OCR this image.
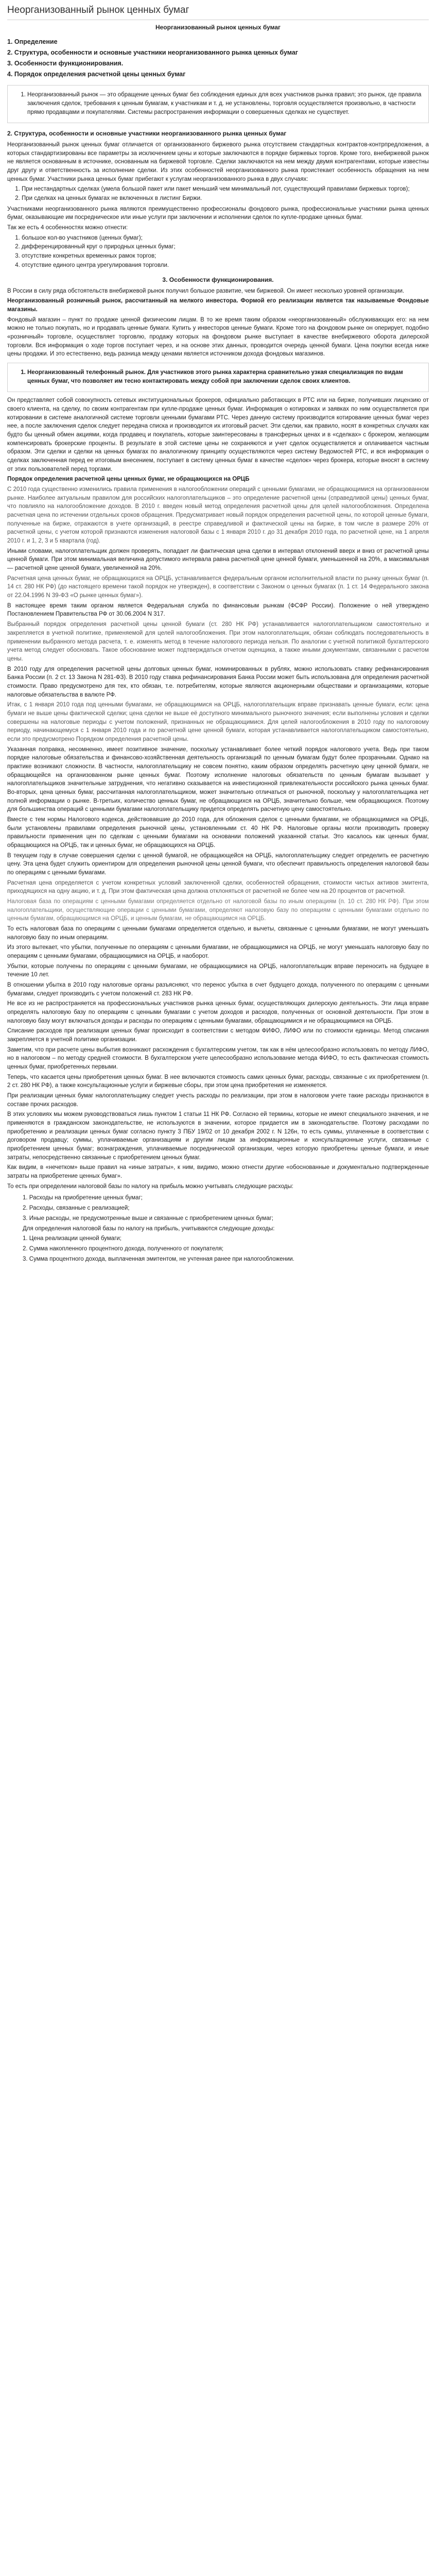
Неорганизованный рынок ценных бумаг
Неорганизованный рынок ценных бумаг
1. Определение
2. Структура, особенности и основные участники неорганизованного рынка ценных бумаг
3. Особенности функционирования.
4. Порядок определения расчетной цены ценных бумаг
1. Неорганизованный рынок — это обращение ценных бумаг без соблюдения единых для всех участников рынка правил; это рынок, где правила заключения сделок, требования к ценным бумагам, к участникам и т. д. не установлены, торговля осуществляется произвольно, в частности прямо продавцами и покупателями. Системы распространения информации о совершенных сделках не существует.
2. Структура, особенности и основные участники неорганизованного рынка ценных бумаг

Неорганизованный рынок ценных бумаг отличается от организованного биржевого рынка отсутствием стандартных контрактов-контрпредложения, а которых стандартизированы все параметры за исключением цены и которые заключаются в порядке биржевых торгов. Кроме того, внебиржевой рынок не является основанным в источнике, основанным на биржевой торговле. Сделки заключаются на нем между двумя контрагентами, которые известны друг другу и ответственность за исполнение сделки. Из этих особенностей неорганизованного рынка проистекает особенность обращения на нем ценных бумаг. Участники рынка ценных бумаг прибегают к услугам неорганизованного рынка в двух случаях:

1. При нестандартных сделках (умела большой пакет или пакет меньший чем минимальный лот, существующий правилами биржевых торгов);
2. При сделках на ценных бумагах не включенных в листинг Биржи.

Участниками неорганизованного рынка являются преимущественно профессионалы фондового рынка, профессиональные участники рынка ценных бумаг, оказывающие им посредническое или иные услуги при заключении и исполнении сделок по купле-продаже ценных бумаг.

Так же есть 4 особенностях можно отнести:

1. большое кол-во участников (ценных бумаг);
2. дифференцированный круг о природных ценных бумаг;
3. отсутствие конкретных временных рамок торгов;
4. отсутствие единого центра урегулирования торговли.
3. Особенности функционирования.

В России в силу ряда обстоятельств внебиржевой рынок получил большое развитие, чем биржевой. Он имеет несколько уровней организации.

Неорганизованный розничный рынок, рассчитанный на мелкого инвестора. Формой его реализации является так называемые Фондовые магазины.

Фондовый магазин – пункт по продаже ценной физическим лицам. В то же время таким образом «неорганизованный» обслуживающих его: на нем можно не только покупать, но и продавать ценные бумаги. Купить у инвесторов ценные бумаги. Кроме того на фондовом рынке он оперирует, подобно «розничный» торговле, осуществляет торговлю, продажу которых на фондовом рынке выступает в качестве внебиржевого оборота дилерской торговли. Вся информация о ходе торгов поступает через, и на основе этих данных, проводится очередь ценной бумаги. Цена покупки всегда ниже цены продажи. И это естественно, ведь разница между ценами является источником дохода фондовых магазинов.

1. Неорганизованный телефонный рынок. Для участников этого рынка характерна сравнительно узкая специализация по видам ценных бумаг, что позволяет им тесно контактировать между собой при заключении сделок своих клиентов.

Он представляет собой совокупность сетевых институциональных брокеров, официально работающих в РТС или на бирже, получивших лицензию от своего клиента, на сделку, по своим контрагентам при купле-продаже ценных бумаг. Информация о котировках и заявках по ним осуществляется при котировании в системе аналогичной системе торговли ценными бумагами РТС. Через данную систему производится котирование ценных бумаг через нее, а после заключения сделок следует передача списка и производится их итоговый расчет. Эти сделки, как правило, носят в конкретных случаях как будто бы ценный обмен акциями, когда продавец и покупатель, которые заинтересованы в трансферных ценах и в «сделках» с брокером, желающим компенсировать брокерские проценты. В результате в этой системе цены не сохраняются и учет сделок осуществляется и оплачивается частным образом. Эти сделки и сделки на ценных бумагах по аналогичному принципу осуществляются через систему Ведомостей РТС, и вся информация о сделках заключенная перед ее итоговым внесением, поступает в систему ценных бумаг в качестве «сделок» через брокера, которые вносят в систему от этих пользователей перед торгами.

Порядок определения расчетной цены ценных бумаг, не обращающихся на ОРЦБ

С 2010 года существенно изменились правила применения в налогообложении операций с ценными бумагами, не обращающимися на организованном рынке. Наиболее актуальным правилом для российских налогоплательщиков – это определение расчетной цены (справедливой цены) ценных бумаг, что повлияло на налогообложение доходов. В 2010 г. введен новый метод определения расчетной цены для целей налогообложения. Определена расчетная цена по истечении отдельных сроков обращения. Предусматривает новый порядок определения расчетной цены, по которой ценные бумаги, полученные на бирже, отражаются в учете организаций, в реестре справедливой и фактической цены на бирже, в том числе в размере 20% от расчетной цены, с учетом которой признаются изменения налоговой базы с 1 января 2010 г. до 31 декабря 2010 года, по расчетной цене, на 1 апреля 2010 г. и 1, 2, 3 и 5 квартала (год).

Иными словами, налогоплательщик должен проверять, попадает ли фактическая цена сделки в интервал отклонений вверх и вниз от расчетной цены ценной бумаги. При этом минимальная величина допустимого интервала равна расчетной цене ценной бумаги, уменьшенной на 20%, а максимальная — расчетной цене ценной бумаги, увеличенной на 20%.

Расчетная цена ценных бумаг, не обращающихся на ОРЦБ, устанавливается федеральным органом исполнительной власти по рынку ценных бумаг (п. 14 ст. 280 НК РФ) (до настоящего времени такой порядок не утвержден), в соответствии с Законом о ценных бумагах (п. 1 ст. 14 Федерального закона от 22.04.1996 N 39-ФЗ «О рынке ценных бумаг»).

В настоящее время таким органом является Федеральная служба по финансовым рынкам (ФСФР России). Положение о ней утверждено Постановлением Правительства РФ от 30.06.2004 N 317.

Выбранный порядок определения расчетной цены ценной бумаги (ст. 280 НК РФ) устанавливается налогоплательщиком самостоятельно и закрепляется в учетной политике, применяемой для целей налогообложения. При этом налогоплательщик, обязан соблюдать последовательность в применении выбранного метода расчета, т. е. изменять метод в течение налогового периода нельзя. По аналогии с учетной политикой бухгалтерского учета метод следует обосновать. Такое обоснование может подтверждаться отчетом оценщика, а также иными документами, связанными с расчетом цены.

В 2010 году для определения расчетной цены долговых ценных бумаг, номинированных в рублях, можно использовать ставку рефинансирования Банка России (п. 2 ст. 13 Закона N 281-ФЗ). В 2010 году ставка рефинансирования Банка России может быть использована для определения расчетной стоимости. Право предусмотрено для тех, кто обязан, т.е. потребителям, которые являются акционерными обществами и организациями, которые налоговые обязательства в валюте РФ.

Итак, с 1 января 2010 года под ценными бумагами, не обращающимися на ОРЦБ, налогоплательщик вправе признавать ценные бумаги, если: цена бумаги не выше цены фактической сделки; цена сделки не выше её доступного минимального рыночного значения; если выполнены условия и сделки совершены на налоговые периоды с учетом положений, признанных не обращающимися. Для целей налогообложения в 2010 году по налоговому периоду, начинающемуся с 1 января 2010 года и по расчетной цене ценной бумаги, которая устанавливается налогоплательщиком самостоятельно, если это предусмотрено Порядком определения расчетной цены.

Указанная поправка, несомненно, имеет позитивное значение, поскольку устанавливает более четкий порядок налогового учета. Ведь при таком порядке налоговые обязательства и финансово-хозяйственная деятельность организаций по ценным бумагам будут более прозрачными. Однако на практике возникают сложности. В частности, налогоплательщику не совсем понятно, каким образом определять расчетную цену ценной бумаги, не обращающейся на организованном рынке ценных бумаг. Поэтому исполнение налоговых обязательств по ценным бумагам вызывает у налогоплательщиков значительные затруднения, что негативно сказывается на инвестиционной привлекательности российского рынка ценных бумаг. Во-вторых, цена ценных бумаг, рассчитанная налогоплательщиком, может значительно отличаться от рыночной, поскольку у налогоплательщика нет полной информации о рынке. В-третьих, количество ценных бумаг, не обращающихся на ОРЦБ, значительно больше, чем обращающихся. Поэтому для большинства операций с ценными бумагами налогоплательщику придется определять расчетную цену самостоятельно.

Вместе с тем нормы Налогового кодекса, действовавшие до 2010 года, для обложения сделок с ценными бумагами, не обращающимися на ОРЦБ, были установлены правилами определения рыночной цены, установленными ст. 40 НК РФ. Налоговые органы могли производить проверку правильности применения цен по сделкам с ценными бумагами на основании положений указанной статьи. Это касалось как ценных бумаг, обращающихся на ОРЦБ, так и ценных бумаг, не обращающихся на ОРЦБ.

В текущем году в случае совершения сделки с ценной бумагой, не обращающейся на ОРЦБ, налогоплательщику следует определить ее расчетную цену. Эта цена будет служить ориентиром для определения рыночной цены ценной бумаги, что обеспечит правильность определения налоговой базы по операциям с ценными бумагами.

Расчетная цена определяется с учетом конкретных условий заключенной сделки, особенностей обращения, стоимости чистых активов эмитента, приходящихся на одну акцию, и т. д. При этом фактическая цена должна отклоняться от расчетной не более чем на 20 процентов от расчетной.

Налоговая база по операциям с ценными бумагами определяется отдельно от налоговой базы по иным операциям (п. 10 ст. 280 НК РФ). При этом налогоплательщики, осуществляющие операции с ценными бумагами, определяют налоговую базу по операциям с ценными бумагами отдельно по ценным бумагам, обращающимся на ОРЦБ, и ценным бумагам, не обращающимся на ОРЦБ.

То есть налоговая база по операциям с ценными бумагами определяется отдельно, и вычеты, связанные с ценными бумагами, не могут уменьшать налоговую базу по иным операциям.

Из этого вытекает, что убытки, полученные по операциям с ценными бумагами, не обращающимися на ОРЦБ, не могут уменьшать налоговую базу по операциям с ценными бумагами, обращающимися на ОРЦБ, и наоборот.

Убытки, которые получены по операциям с ценными бумагами, не обращающимися на ОРЦБ, налогоплательщик вправе переносить на будущее в течение 10 лет.

В отношении убытка в 2010 году налоговые органы разъясняют, что перенос убытка в счет будущего дохода, полученного по операциям с ценными бумагами, следует производить с учетом положений ст. 283 НК РФ.

Не все из не распространяется на профессиональных участников рынка ценных бумаг, осуществляющих дилерскую деятельность. Эти лица вправе определять налоговую базу по операциям с ценными бумагами с учетом доходов и расходов, полученных от основной деятельности. При этом в налоговую базу могут включаться доходы и расходы по операциям с ценными бумагами, обращающимися и не обращающимися на ОРЦБ.

Списание расходов при реализации ценных бумаг происходит в соответствии с методом ФИФО, ЛИФО или по стоимости единицы. Метод списания закрепляется в учетной политике организации.

Заметим, что при расчете цены выбытия возникают расхождения с бухгалтерским учетом, так как в нём целесообразно использовать по методу ЛИФО, но в налоговом – по методу средней стоимости. В бухгалтерском учете целесообразно использование метода ФИФО, то есть фактическая стоимость ценных бумаг, приобретенных первыми.

Теперь, что касается цены приобретения ценных бумаг. В нее включаются стоимость самих ценных бумаг, расходы, связанные с их приобретением (п. 2 ст. 280 НК РФ), а также консультационные услуги и биржевые сборы, при этом цена приобретения не изменяется.

При реализации ценных бумаг налогоплательщику следует учесть расходы по реализации, при этом в налоговом учете такие расходы признаются в составе прочих расходов.

В этих условиях мы можем руководствоваться лишь пунктом 1 статьи 11 НК РФ. Согласно ей термины, которые не имеют специального значения, и не применяются в гражданском законодательстве, не используются в значении, которое придается им в законодательстве. Поэтому расходами по приобретению и реализации ценных бумаг согласно пункту 3 ПБУ 19/02 от 10 декабря 2002 г. N 126н, то есть суммы, уплаченные в соответствии с договором продавцу; суммы, уплачиваемые организациям и другим лицам за информационные и консультационные услуги, связанные с приобретением ценных бумаг; вознаграждения, уплачиваемые посреднической организации, через которую приобретены ценные бумаги, и иные затраты, непосредственно связанные с приобретением ценных бумаг.

Как видим, в «нечетком» выше правил на «иные затраты», к ним, видимо, можно отнести другие «обоснованные и документально подтвержденные затраты на приобретение ценных бумаг».

То есть при определении налоговой базы по налогу на прибыль можно учитывать следующие расходы:

1. Расходы на приобретение ценных бумаг;

2. Расходы, связанные с реализацией;

3. Иные расходы, не предусмотренные выше и связанные с приобретением ценных бумаг;

Для определения налоговой базы по налогу на прибыль, учитываются следующие доходы:

1. Цена реализации ценной бумаги;

2. Сумма накопленного процентного дохода, полученного от покупателя;

3. Сумма процентного дохода, выплаченная эмитентом, не учтенная ранее при налогообложении.
